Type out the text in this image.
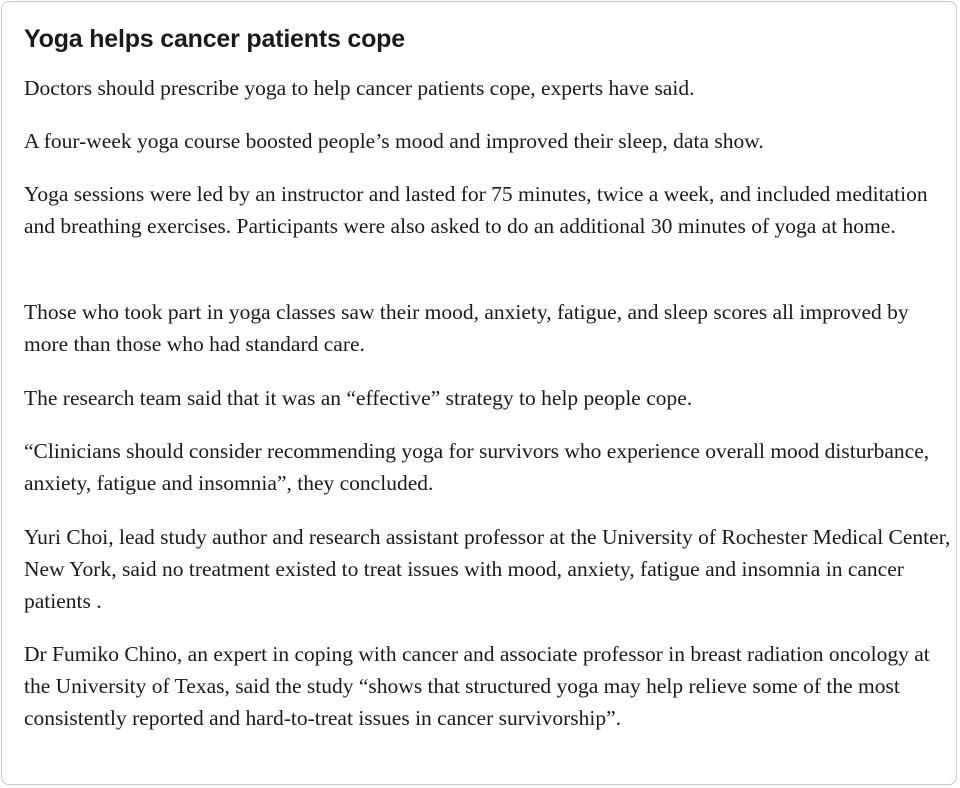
Yoga helps cancer patients cope

Doctors should prescribe yoga to help cancer patients cope, experts have said.

A four-week yoga course boosted people’s mood and improved their sleep, data show.

Yoga sessions were led by an instructor and lasted for 75 minutes, twice a week, and included meditation and breathing exercises. Participants were also asked to do an additional 30 minutes of yoga at home.

Those who took part in yoga classes saw their mood, anxiety, fatigue, and sleep scores all improved by more than those who had standard care.

The research team said that it was an “effective” strategy to help people cope.

“Clinicians should consider recommending yoga for survivors who experience overall mood disturbance, anxiety, fatigue and insomnia”, they concluded.

Yuri Choi, lead study author and research assistant professor at the University of Rochester Medical Center, New York, said no treatment existed to treat issues with mood, anxiety, fatigue and insomnia in cancer patients .

Dr Fumiko Chino, an expert in coping with cancer and associate professor in breast radiation oncology at the University of Texas, said the study “shows that structured yoga may help relieve some of the most consistently reported and hard-to-treat issues in cancer survivorship”.
